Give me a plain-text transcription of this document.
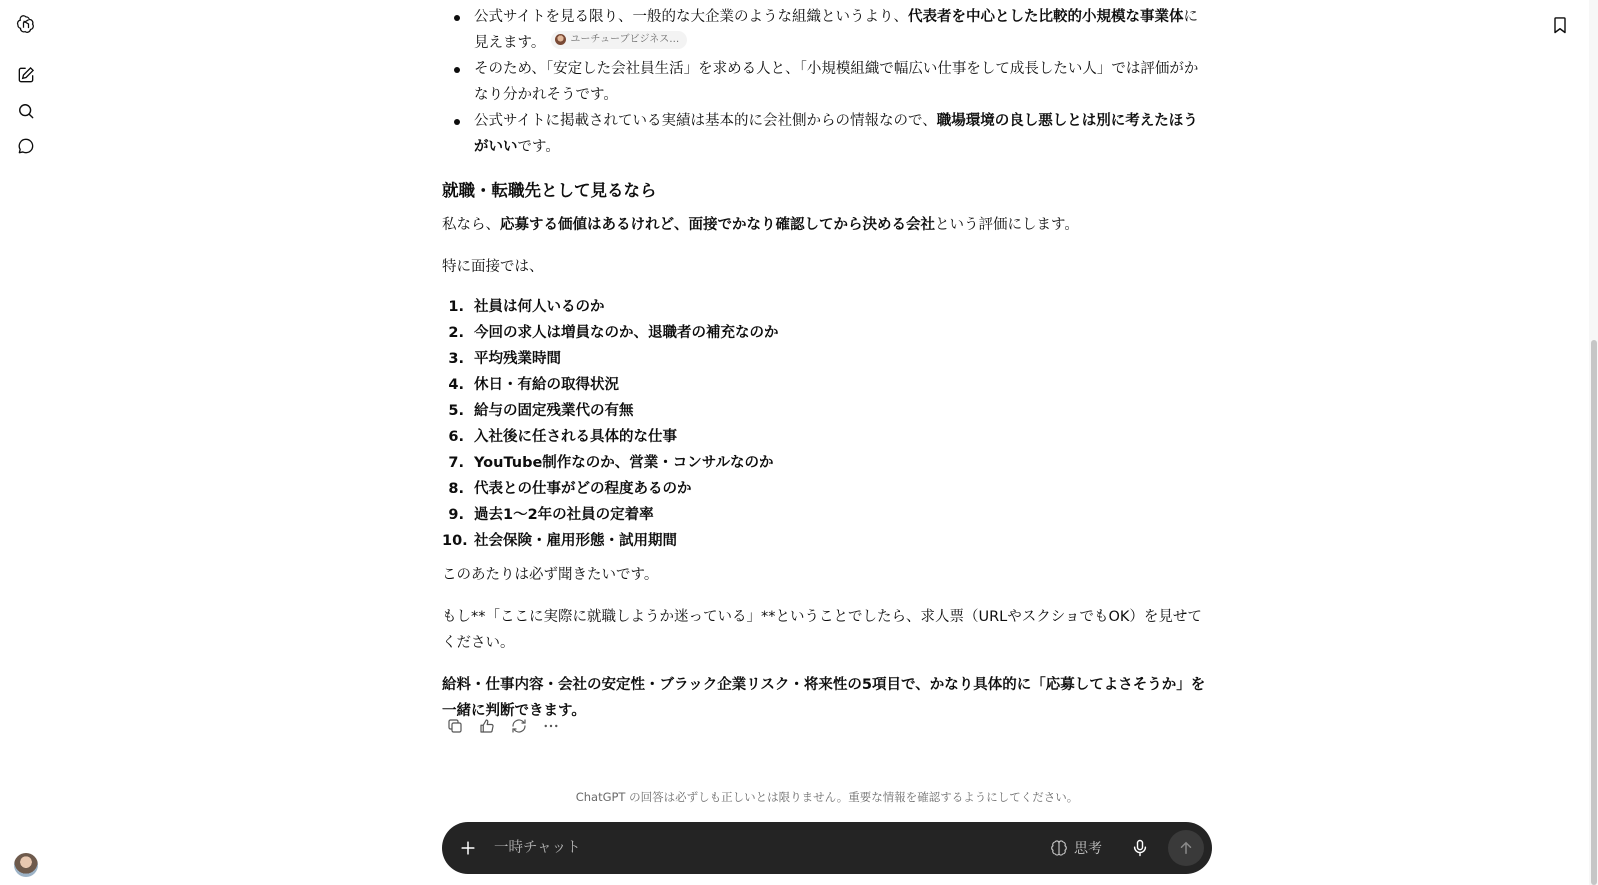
公式サイトを見る限り、一般的な大企業のような組織というより、代表者を中心とした比較的小規模な事業体に見えます。	ユーチューブビジネス…
そのため、「安定した会社員生活」を求める人と、「小規模組織で幅広い仕事をして成長したい人」では評価がかなり分かれそうです。
公式サイトに掲載されている実績は基本的に会社側からの情報なので、職場環境の良し悪しとは別に考えたほうがいいです。
就職・転職先として見るなら

私なら、応募する価値はあるけれど、面接でかなり確認してから決める会社という評価にします。

特に面接では、

1. 社員は何人いるのか
2. 今回の求人は増員なのか、退職者の補充なのか
3. 平均残業時間
4. 休日・有給の取得状況
5. 給与の固定残業代の有無
6. 入社後に任される具体的な仕事
7. YouTube制作なのか、営業・コンサルなのか
8. 代表との仕事がどの程度あるのか
9. 過去1〜2年の社員の定着率
10. 社会保険・雇用形態・試用期間

このあたりは必ず聞きたいです。

もし**「ここに実際に就職しようか迷っている」**ということでしたら、求人票（URLやスクショでもOK）を見せてください。

給料・仕事内容・会社の安定性・ブラック企業リスク・将来性の5項目で、かなり具体的に「応募してよさそうか」を一緒に判断できます。

ChatGPT の回答は必ずしも正しいとは限りません。重要な情報を確認するようにしてください。
一時チャット
思考
